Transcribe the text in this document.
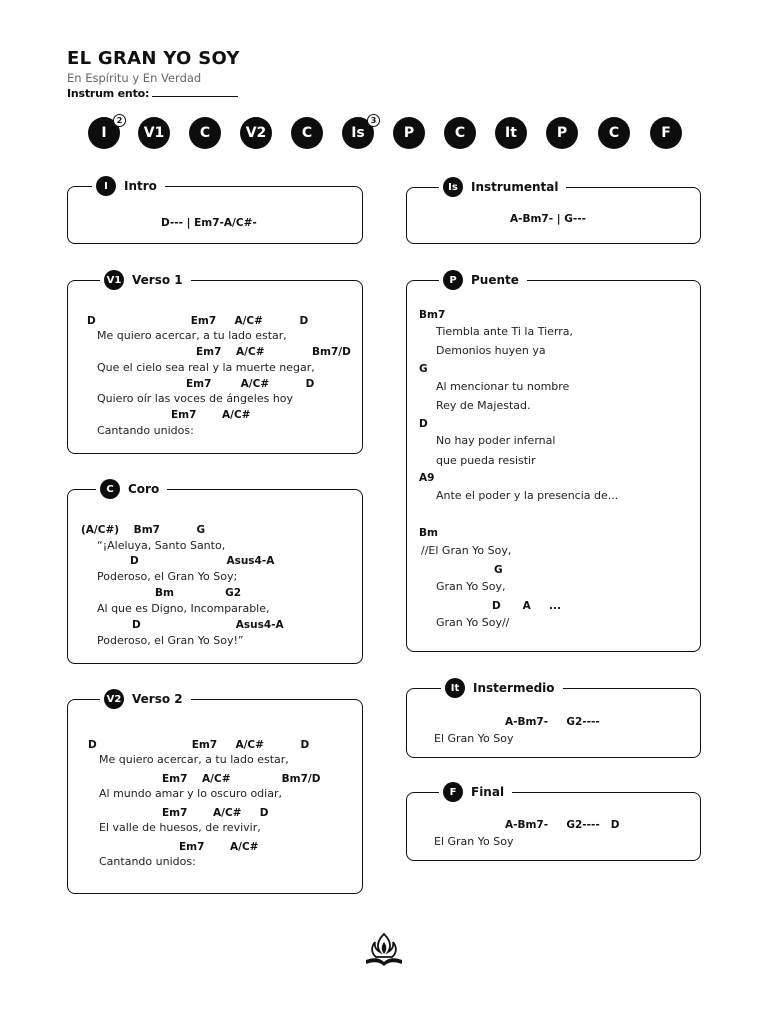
EL GRAN YO SOY
En Espíritu y En Verdad
Instrum ento:
I
2
V1	C	V2	C	Is
3
P	C	It	P	C	F
I	Intro
D--- | Em7-A/C#-
V1 Verso 1
D                          Em7     A/C#          D
Me quiero acercar, a tu lado estar,
Em7    A/C#             Bm7/D
Que el cielo sea real y la muerte negar,
Em7        A/C#          D
Quiero oír las voces de ángeles hoy
Em7       A/C#
Cantando unidos:
C	Coro
(A/C#)    Bm7          G
“¡Aleluya, Santo Santo,
D                        Asus4-A
Poderoso, el Gran Yo Soy;
Bm              G2
Al que es Digno, Incomparable,
D                          Asus4-A
Poderoso, el Gran Yo Soy!”
V2 Verso 2
D                          Em7     A/C#          D
Me quiero acercar, a tu lado estar,
Em7    A/C#              Bm7/D
Al mundo amar y lo oscuro odiar,
Em7       A/C#     D
El valle de huesos, de revivir,
Em7       A/C#
Cantando unidos:
Is	Instrumental
A-Bm7- | G---
P	Puente
Bm7
Tiembla ante Ti la Tierra,
Demonios huyen ya
G
Al mencionar tu nombre
Rey de Majestad.
D
No hay poder infernal
que pueda resistir
A9
Ante el poder y la presencia de...
Bm
//El Gran Yo Soy,
G
Gran Yo Soy,
D      A     ...
Gran Yo Soy//
It	Instermedio
A-Bm7-     G2----
El Gran Yo Soy
F	Final
A-Bm7-     G2----   D
El Gran Yo Soy
